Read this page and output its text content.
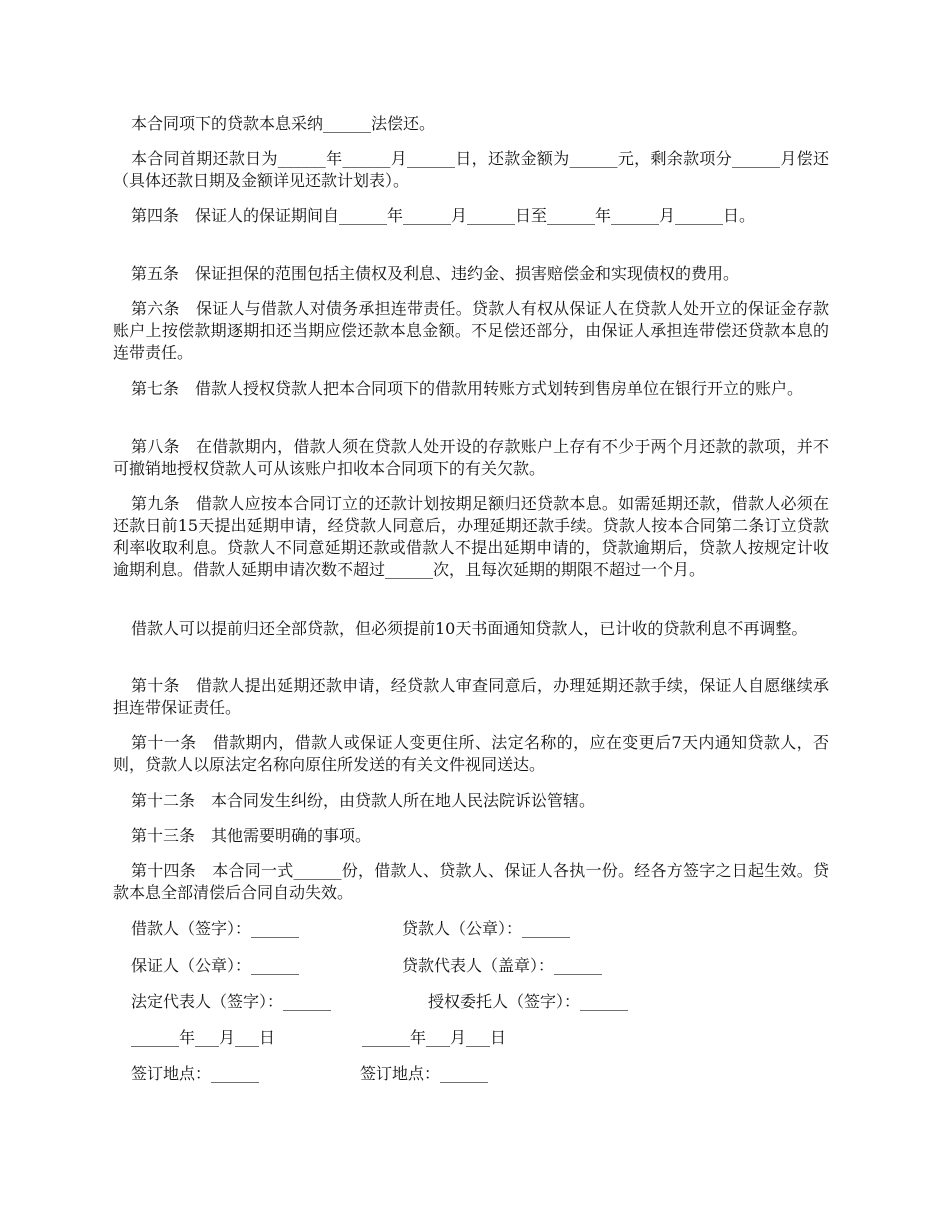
本合同项下的贷款本息采纳______法偿还。

本合同首期还款日为______年______月______日，还款金额为______元，剩余款项分______月偿还（具体还款日期及金额详见还款计划表）。

第四条　保证人的保证期间自______年______月______日至______年______月______日。

第五条　保证担保的范围包括主债权及利息、违约金、损害赔偿金和实现债权的费用。

第六条　保证人与借款人对债务承担连带责任。贷款人有权从保证人在贷款人处开立的保证金存款账户上按偿款期逐期扣还当期应偿还款本息金额。不足偿还部分，由保证人承担连带偿还贷款本息的连带责任。

第七条　借款人授权贷款人把本合同项下的借款用转账方式划转到售房单位在银行开立的账户。

第八条　在借款期内，借款人须在贷款人处开设的存款账户上存有不少于两个月还款的款项，并不可撤销地授权贷款人可从该账户扣收本合同项下的有关欠款。

第九条　借款人应按本合同订立的还款计划按期足额归还贷款本息。如需延期还款，借款人必须在还款日前15天提出延期申请，经贷款人同意后，办理延期还款手续。贷款人按本合同第二条订立贷款利率收取利息。贷款人不同意延期还款或借款人不提出延期申请的，贷款逾期后，贷款人按规定计收逾期利息。借款人延期申请次数不超过______次，且每次延期的期限不超过一个月。

借款人可以提前归还全部贷款，但必须提前10天书面通知贷款人，已计收的贷款利息不再调整。

第十条　借款人提出延期还款申请，经贷款人审查同意后，办理延期还款手续，保证人自愿继续承担连带保证责任。

第十一条　借款期内，借款人或保证人变更住所、法定名称的，应在变更后7天内通知贷款人，否则，贷款人以原法定名称向原住所发送的有关文件视同送达。

第十二条　本合同发生纠纷，由贷款人所在地人民法院诉讼管辖。

第十三条　其他需要明确的事项。

第十四条　本合同一式______份，借款人、贷款人、保证人各执一份。经各方签字之日起生效。贷款本息全部清偿后合同自动失效。

借款人（签字）：______	贷款人（公章）：______
保证人（公章）：______	贷款代表人（盖章）：______
法定代表人（签字）：______	授权委托人（签字）：______
______年___月___日	______年___月___日
签订地点：______	签订地点：______
